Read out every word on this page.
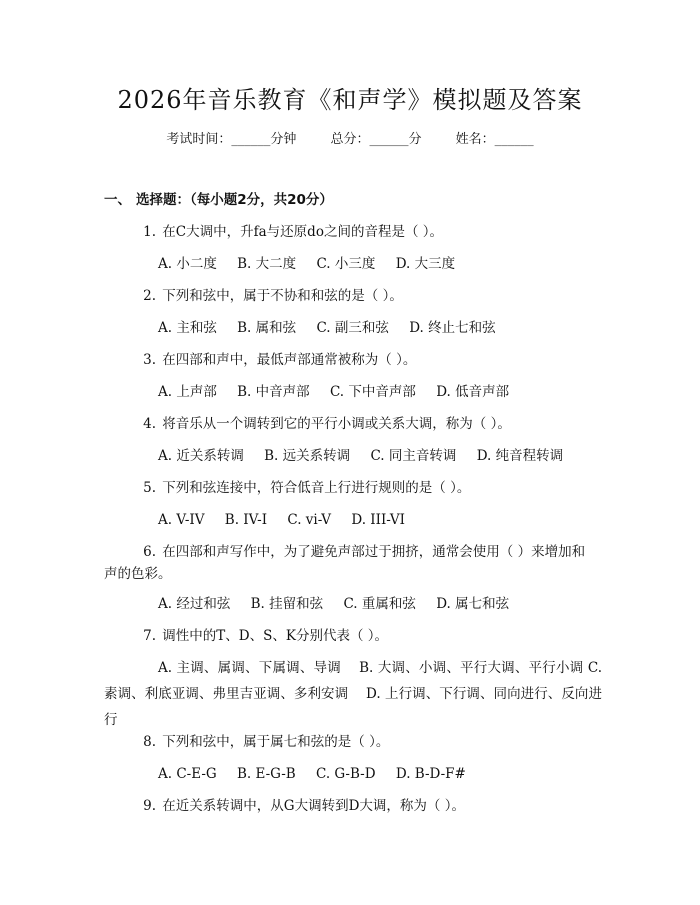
2026年音乐教育《和声学》模拟题及答案
考试时间：______分钟	总分：______分	姓名：______
一、 选择题：（每小题2分，共20分）
1. 在C大调中，升fa与还原do之间的音程是（ ）。
A. 小二度 B. 大二度 C. 小三度 D. 大三度
2. 下列和弦中，属于不协和和弦的是（ ）。
A. 主和弦 B. 属和弦 C. 副三和弦 D. 终止七和弦
3. 在四部和声中，最低声部通常被称为（ ）。
A. 上声部 B. 中音声部 C. 下中音声部 D. 低音声部
4. 将音乐从一个调转到它的平行小调或关系大调，称为（ ）。
A. 近关系转调 B. 远关系转调 C. 同主音转调 D. 纯音程转调
5. 下列和弦连接中，符合低音上行进行规则的是（ ）。
A. V-IV B. IV-I C. vi-V D. III-VI
6. 在四部和声写作中，为了避免声部过于拥挤，通常会使用（ ）来增加和
声的色彩。
A. 经过和弦 B. 挂留和弦 C. 重属和弦 D. 属七和弦
7. 调性中的T、D、S、K分别代表（ ）。
A. 主调、属调、下属调、导调　 B. 大调、小调、平行大调、平行小调 C. 素调、利底亚调、弗里吉亚调、多利安调　 D. 上行调、下行调、同向进行、反向进行
8. 下列和弦中，属于属七和弦的是（ ）。
A. C-E-G B. E-G-B C. G-B-D D. B-D-F#
9. 在近关系转调中，从G大调转到D大调，称为（ ）。
